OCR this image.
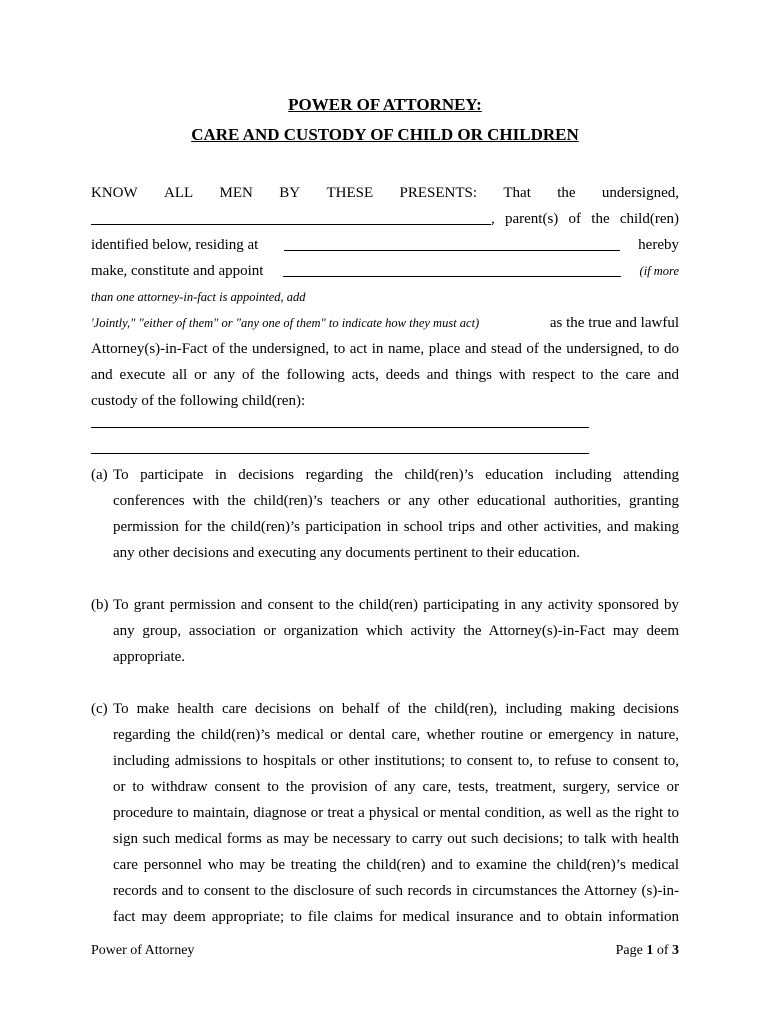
POWER OF ATTORNEY:
CARE AND CUSTODY OF CHILD OR CHILDREN
KNOW ALL MEN BY THESE PRESENTS: That the undersigned,
, parent(s) of the child(ren)
identified below, residing at	hereby
make, constitute and appoint	(if more
than one attorney-in-fact is appointed, add
'Jointly," "either of them" or "any one of them" to indicate how they must act)	as the true and lawful
Attorney(s)-in-Fact of the undersigned, to act in name, place and stead of the undersigned, to do
and execute all or any of the following acts, deeds and things with respect to the care and
custody of the following child(ren):
(a) To participate in decisions regarding the child(ren)’s education including attending
conferences with the child(ren)’s teachers or any other educational authorities, granting
permission for the child(ren)’s participation in school trips and other activities, and making
any other decisions and executing any documents pertinent to their education.
(b) To grant permission and consent to the child(ren) participating in any activity sponsored by
any group, association or organization which activity the Attorney(s)-in-Fact may deem
appropriate.
(c) To make health care decisions on behalf of the child(ren), including making decisions
regarding the child(ren)’s medical or dental care, whether routine or emergency in nature,
including admissions to hospitals or other institutions; to consent to, to refuse to consent to,
or to withdraw consent to the provision of any care, tests, treatment, surgery, service or
procedure to maintain, diagnose or treat a physical or mental condition, as well as the right to
sign such medical forms as may be necessary to carry out such decisions; to talk with health
care personnel who may be treating the child(ren) and to examine the child(ren)’s medical
records and to consent to the disclosure of such records in circumstances the Attorney (s)-in-
fact may deem appropriate; to file claims for medical insurance and to obtain information
Power of Attorney	Page 1 of 3
